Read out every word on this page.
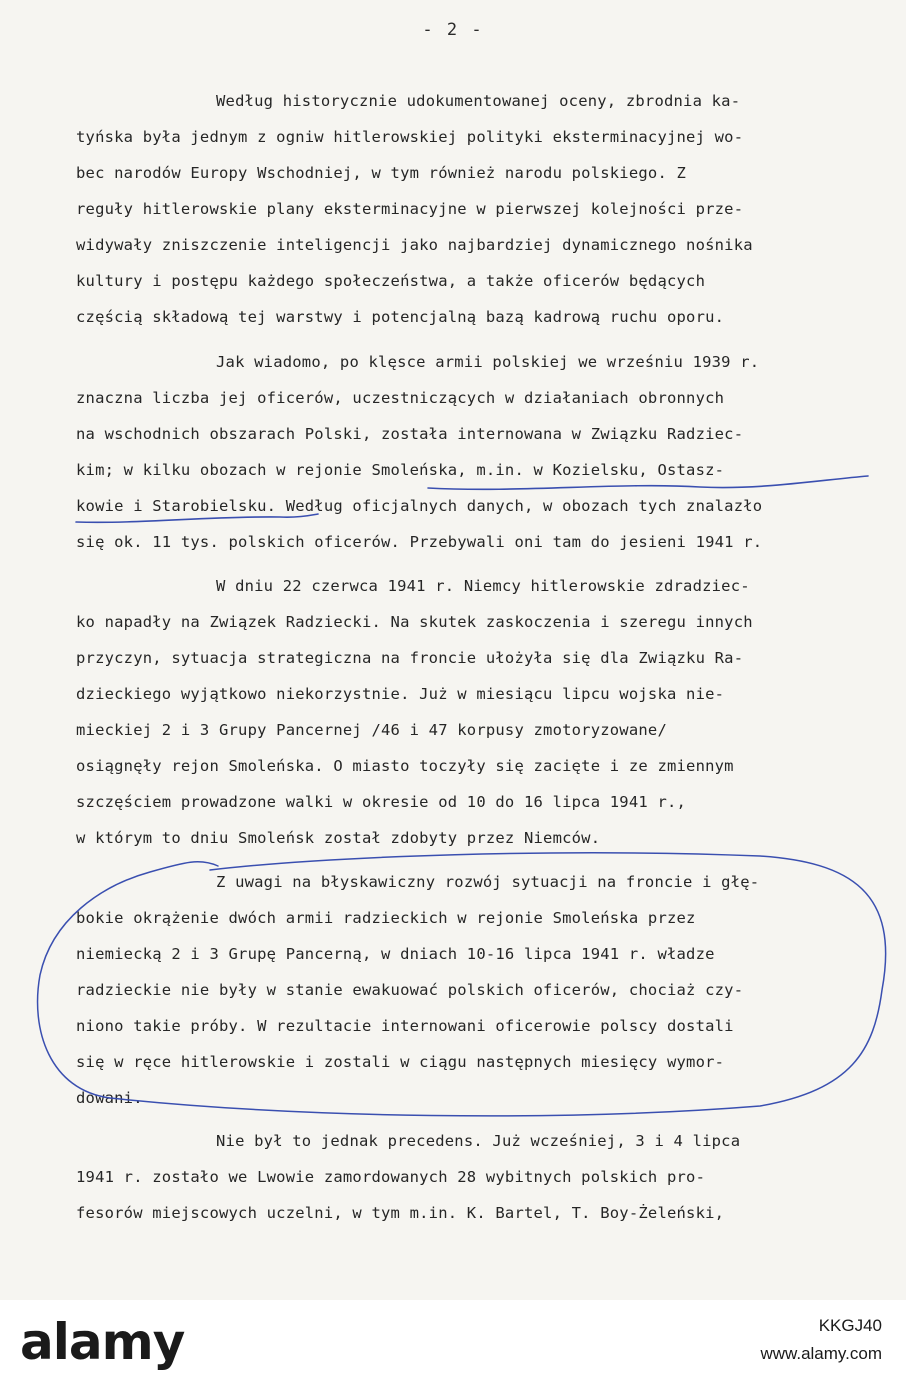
- 2 -
Według historycznie udokumentowanej oceny, zbrodnia ka-
tyńska była jednym z ogniw hitlerowskiej polityki eksterminacyjnej wo-
bec narodów Europy Wschodniej, w tym również narodu polskiego. Z
reguły hitlerowskie plany eksterminacyjne w pierwszej kolejności prze-
widywały zniszczenie inteligencji jako najbardziej dynamicznego nośnika
kultury i postępu każdego społeczeństwa, a także oficerów będących
częścią składową tej warstwy i potencjalną bazą kadrową ruchu oporu.
Jak wiadomo, po klęsce armii polskiej we wrześniu 1939 r.
znaczna liczba jej oficerów, uczestniczących w działaniach obronnych
na wschodnich obszarach Polski, została internowana w Związku Radziec-
kim; w kilku obozach w rejonie Smoleńska, m.in. w Kozielsku, Ostasz-
kowie i Starobielsku. Według oficjalnych danych, w obozach tych znalazło
się ok. 11 tys. polskich oficerów. Przebywali oni tam do jesieni 1941 r.
W dniu 22 czerwca 1941 r. Niemcy hitlerowskie zdradziec-
ko napadły na Związek Radziecki. Na skutek zaskoczenia i szeregu innych
przyczyn, sytuacja strategiczna na froncie ułożyła się dla Związku Ra-
dzieckiego wyjątkowo niekorzystnie. Już w miesiącu lipcu wojska nie-
mieckiej 2 i 3 Grupy Pancernej /46 i 47 korpusy zmotoryzowane/
osiągnęły rejon Smoleńska. O miasto toczyły się zacięte i ze zmiennym
szczęściem prowadzone walki w okresie od 10 do 16 lipca 1941 r.,
w którym to dniu Smoleńsk został zdobyty przez Niemców.
Z uwagi na błyskawiczny rozwój sytuacji na froncie i głę-
bokie okrążenie dwóch armii radzieckich w rejonie Smoleńska przez
niemiecką 2 i 3 Grupę Pancerną, w dniach 10-16 lipca 1941 r. władze
radzieckie nie były w stanie ewakuować polskich oficerów, chociaż czy-
niono takie próby. W rezultacie internowani oficerowie polscy dostali
się w ręce hitlerowskie i zostali w ciągu następnych miesięcy wymor-
dowani.
Nie był to jednak precedens. Już wcześniej, 3 i 4 lipca
1941 r. zostało we Lwowie zamordowanych 28 wybitnych polskich pro-
fesorów miejscowych uczelni, w tym m.in. K. Bartel, T. Boy-Żeleński,
alamy	KKGJ40
www.alamy.com
